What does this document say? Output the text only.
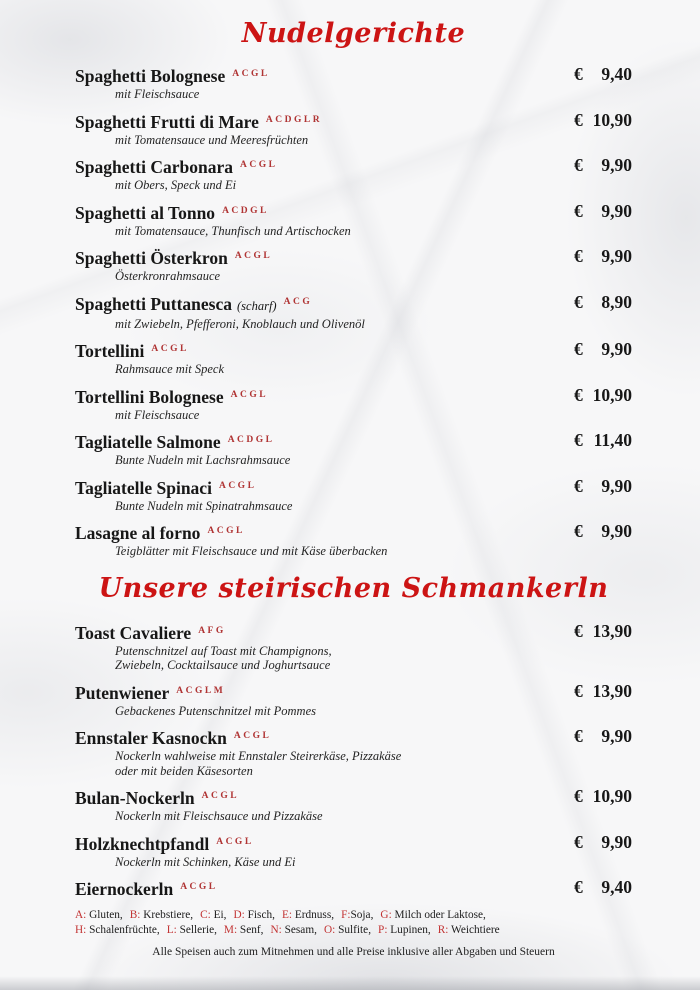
Nudelgerichte
Spaghetti Bolognese $^{ACGL}$
mit Fleischsauce
€ 9,40
Spaghetti Frutti di Mare $^{ACDGLR}$
mit Tomatensauce und Meeresfrüchten
€ 10,90
Spaghetti Carbonara $^{ACGL}$
mit Obers, Speck und Ei
€ 9,90
Spaghetti al Tonno $^{ACDGL}$
mit Tomatensauce, Thunfisch und Artischocken
€ 9,90
Spaghetti Österkron $^{ACGL}$
Österkronrahmsauce
€ 9,90
Spaghetti Puttanesca (scharf) $^{ACG}$
mit Zwiebeln, Pfefferoni, Knoblauch und Olivenöl
€ 8,90
Tortellini $^{ACGL}$
Rahmsauce mit Speck
€ 9,90
Tortellini Bolognese $^{ACGL}$
mit Fleischsauce
€ 10,90
Tagliatelle Salmone $^{ACDGL}$
Bunte Nudeln mit Lachsrahmsauce
€ 11,40
Tagliatelle Spinaci $^{ACGL}$
Bunte Nudeln mit Spinatrahmsauce
€ 9,90
Lasagne al forno $^{ACGL}$
Teigblätter mit Fleischsauce und mit Käse überbacken
€ 9,90
Unsere steirischen Schmankerln
Toast Cavaliere $^{AFG}$
Putenschnitzel auf Toast mit Champignons,
Zwiebeln, Cocktailsauce und Joghurtsauce
€ 13,90
Putenwiener $^{ACGLM}$
Gebackenes Putenschnitzel mit Pommes
€ 13,90
Ennstaler Kasnockn $^{ACGL}$
Nockerln wahlweise mit Ennstaler Steirerkäse, Pizzakäse
oder mit beiden Käsesorten
€ 9,90
Bulan-Nockerln $^{ACGL}$
Nockerln mit Fleischsauce und Pizzakäse
€ 10,90
Holzknechtpfandl $^{ACGL}$
Nockerln mit Schinken, Käse und Ei
€ 9,90
Eiernockerln $^{ACGL}$	€ 9,40
A: Gluten, B: Krebstiere, C: Ei, D: Fisch, E: Erdnuss, F:Soja, G: Milch oder Laktose,
H: Schalenfrüchte, L: Sellerie, M: Senf, N: Sesam, O: Sulfite, P: Lupinen, R: Weichtiere
Alle Speisen auch zum Mitnehmen und alle Preise inklusive aller Abgaben und Steuern
